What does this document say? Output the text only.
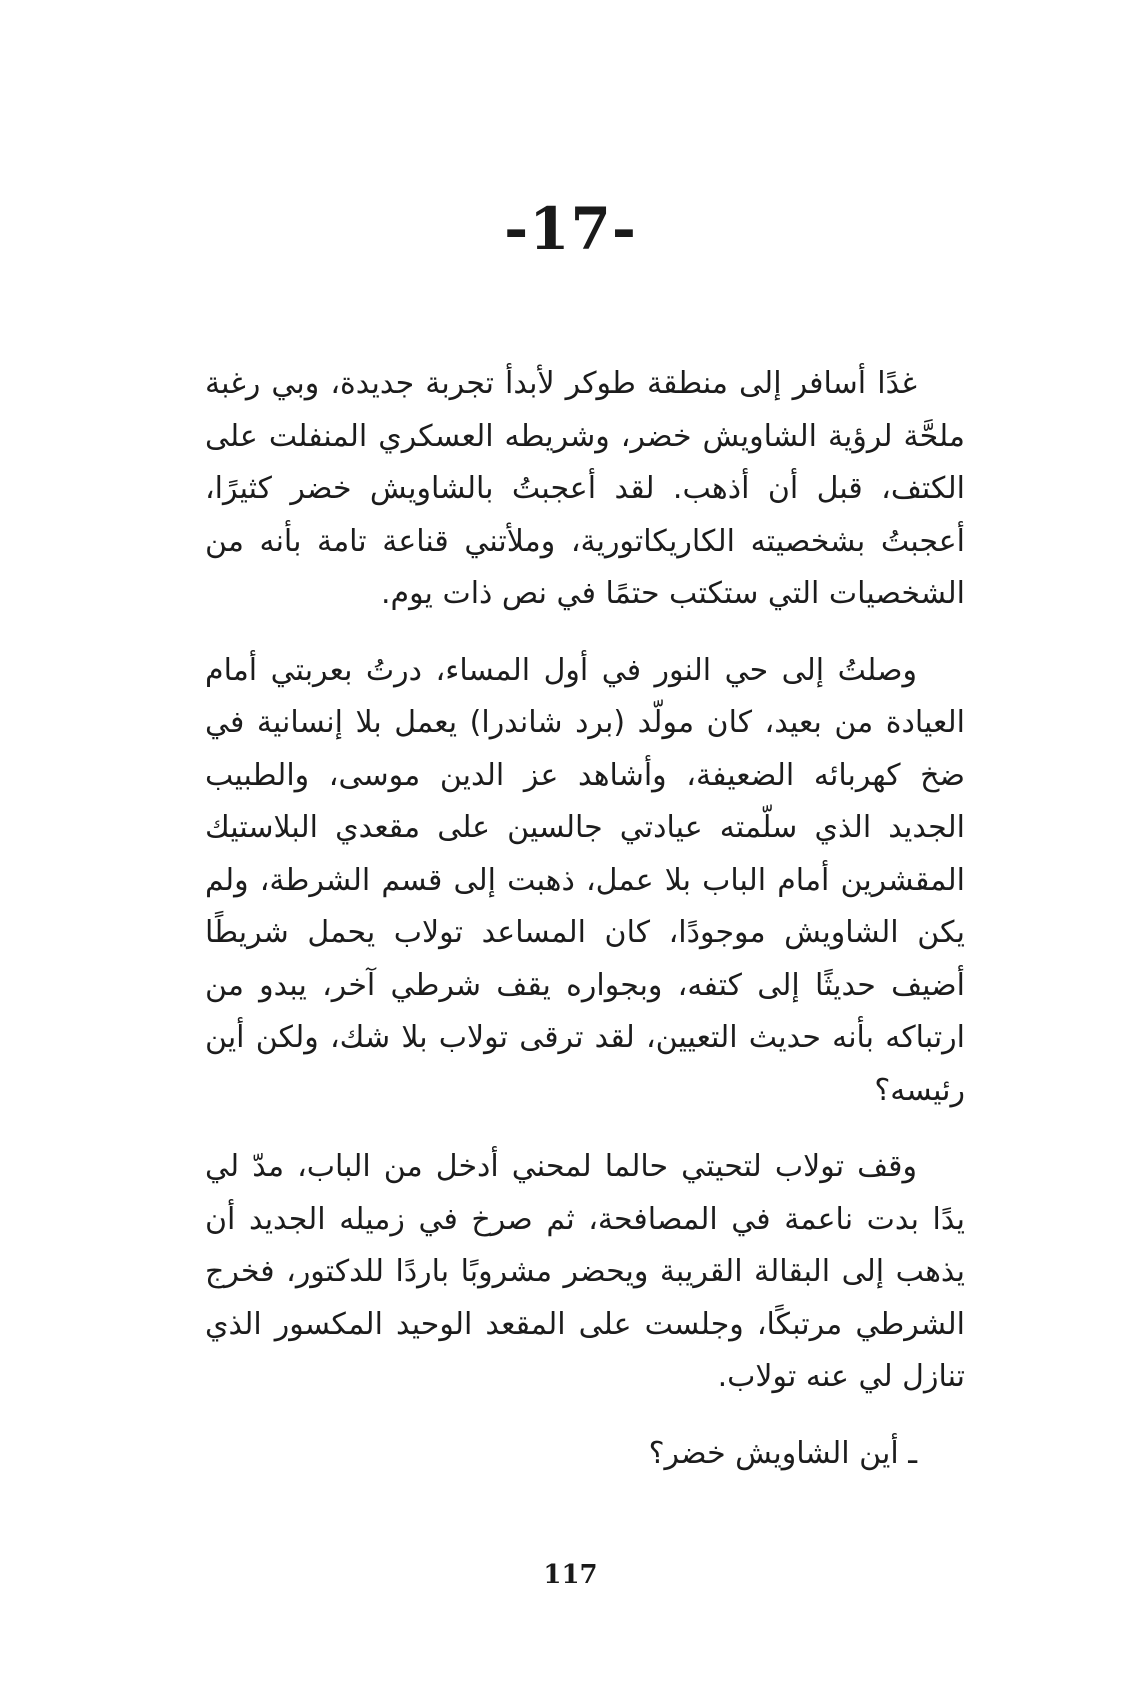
-17-

غدًا أسافر إلى منطقة طوكر لأبدأ تجربة جديدة، وبي رغبة ملحَّة لرؤية الشاويش خضر، وشريطه العسكري المنفلت على الكتف، قبل أن أذهب. لقد أعجبتُ بالشاويش خضر كثيرًا، أعجبتُ بشخصيته الكاريكاتورية، وملأتني قناعة تامة بأنه من الشخصيات التي ستكتب حتمًا في نص ذات يوم.

وصلتُ إلى حي النور في أول المساء، درتُ بعربتي أمام العيادة من بعيد، كان مولّد (برد شاندرا) يعمل بلا إنسانية في ضخ كهربائه الضعيفة، وأشاهد عز الدين موسى، والطبيب الجديد الذي سلّمته عيادتي جالسين على مقعدي البلاستيك المقشرين أمام الباب بلا عمل، ذهبت إلى قسم الشرطة، ولم يكن الشاويش موجودًا، كان المساعد تولاب يحمل شريطًا أضيف حديثًا إلى كتفه، وبجواره يقف شرطي آخر، يبدو من ارتباكه بأنه حديث التعيين، لقد ترقى تولاب بلا شك، ولكن أين رئيسه؟

وقف تولاب لتحيتي حالما لمحني أدخل من الباب، مدّ لي يدًا بدت ناعمة في المصافحة، ثم صرخ في زميله الجديد أن يذهب إلى البقالة القريبة ويحضر مشروبًا باردًا للدكتور، فخرج الشرطي مرتبكًا، وجلست على المقعد الوحيد المكسور الذي تنازل لي عنه تولاب.

ـ أين الشاويش خضر؟

117
